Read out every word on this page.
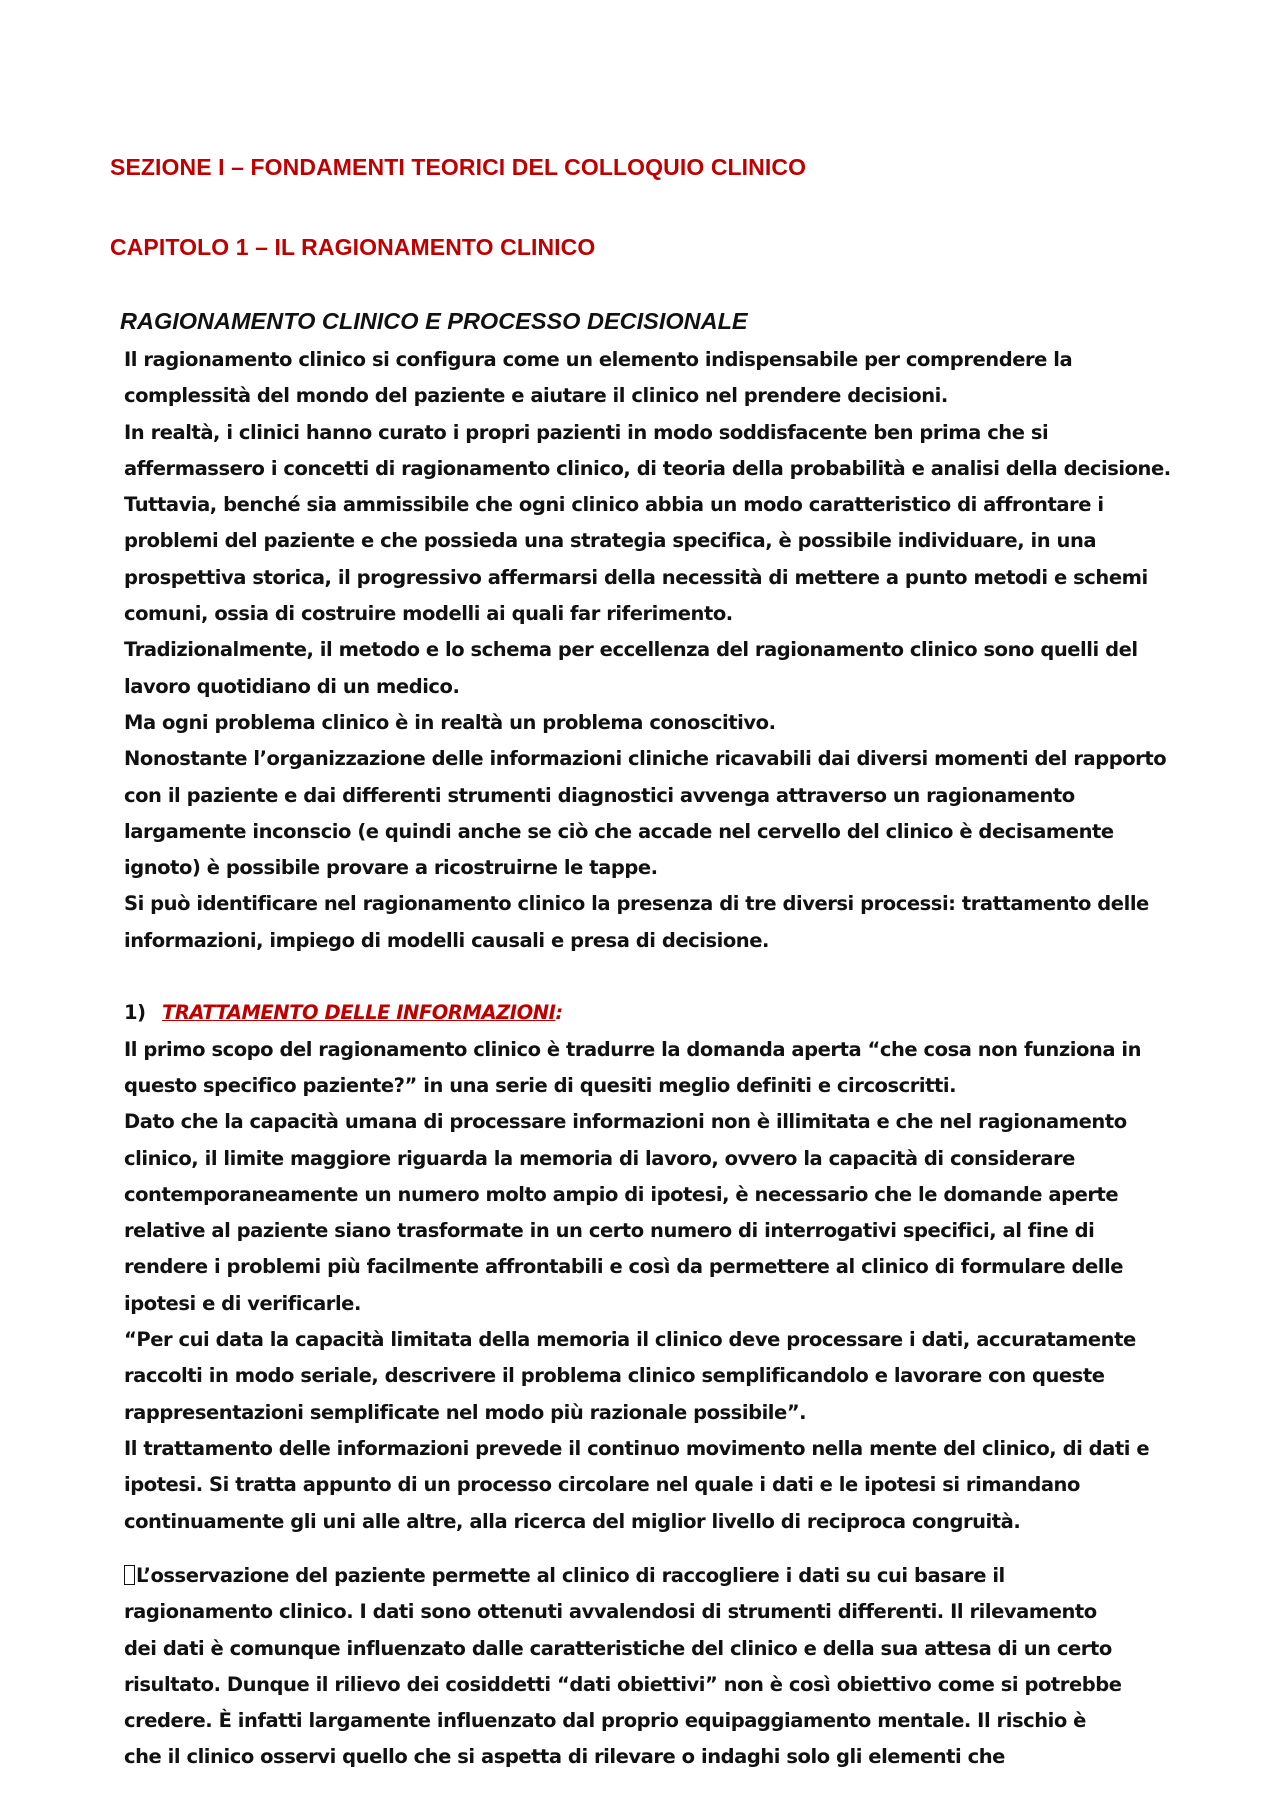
SEZIONE I – FONDAMENTI TEORICI DEL COLLOQUIO CLINICO
CAPITOLO 1 – IL RAGIONAMENTO CLINICO
RAGIONAMENTO CLINICO E PROCESSO DECISIONALE

Il ragionamento clinico si configura come un elemento indispensabile per comprendere la complessità del mondo del paziente e aiutare il clinico nel prendere decisioni.

In realtà, i clinici hanno curato i propri pazienti in modo soddisfacente ben prima che si affermassero i concetti di ragionamento clinico, di teoria della probabilità e analisi della decisione. Tuttavia, benché sia ammissibile che ogni clinico abbia un modo caratteristico di affrontare i problemi del paziente e che possieda una strategia specifica, è possibile individuare, in una prospettiva storica, il progressivo affermarsi della necessità di mettere a punto metodi e schemi comuni, ossia di costruire modelli ai quali far riferimento.

Tradizionalmente, il metodo e lo schema per eccellenza del ragionamento clinico sono quelli del lavoro quotidiano di un medico.

Ma ogni problema clinico è in realtà un problema conoscitivo.

Nonostante l’organizzazione delle informazioni cliniche ricavabili dai diversi momenti del rapporto con il paziente e dai differenti strumenti diagnostici avvenga attraverso un ragionamento largamente inconscio (e quindi anche se ciò che accade nel cervello del clinico è decisamente ignoto) è possibile provare a ricostruirne le tappe.

Si può identificare nel ragionamento clinico la presenza di tre diversi processi: trattamento delle informazioni, impiego di modelli causali e presa di decisione.

1) TRATTAMENTO DELLE INFORMAZIONI :

Il primo scopo del ragionamento clinico è tradurre la domanda aperta “che cosa non funziona in questo specifico paziente?” in una serie di quesiti meglio definiti e circoscritti.

Dato che la capacità umana di processare informazioni non è illimitata e che nel ragionamento clinico, il limite maggiore riguarda la memoria di lavoro, ovvero la capacità di considerare contemporaneamente un numero molto ampio di ipotesi, è necessario che le domande aperte relative al paziente siano trasformate in un certo numero di interrogativi specifici, al fine di rendere i problemi più facilmente affrontabili e così da permettere al clinico di formulare delle ipotesi e di verificarle.

“Per cui data la capacità limitata della memoria il clinico deve processare i dati, accuratamente raccolti in modo seriale, descrivere il problema clinico semplificandolo e lavorare con queste rappresentazioni semplificate nel modo più razionale possibile”.

Il trattamento delle informazioni prevede il continuo movimento nella mente del clinico, di dati e ipotesi. Si tratta appunto di un processo circolare nel quale i dati e le ipotesi si rimandano continuamente gli uni alle altre, alla ricerca del miglior livello di reciproca congruità.

L’osservazione del paziente permette al clinico di raccogliere i dati su cui basare il ragionamento clinico. I dati sono ottenuti avvalendosi di strumenti differenti. Il rilevamento dei dati è comunque influenzato dalle caratteristiche del clinico e della sua attesa di un certo risultato. Dunque il rilievo dei cosiddetti “dati obiettivi” non è così obiettivo come si potrebbe credere. È infatti largamente influenzato dal proprio equipaggiamento mentale. Il rischio è che il clinico osservi quello che si aspetta di rilevare o indaghi solo gli elementi che
